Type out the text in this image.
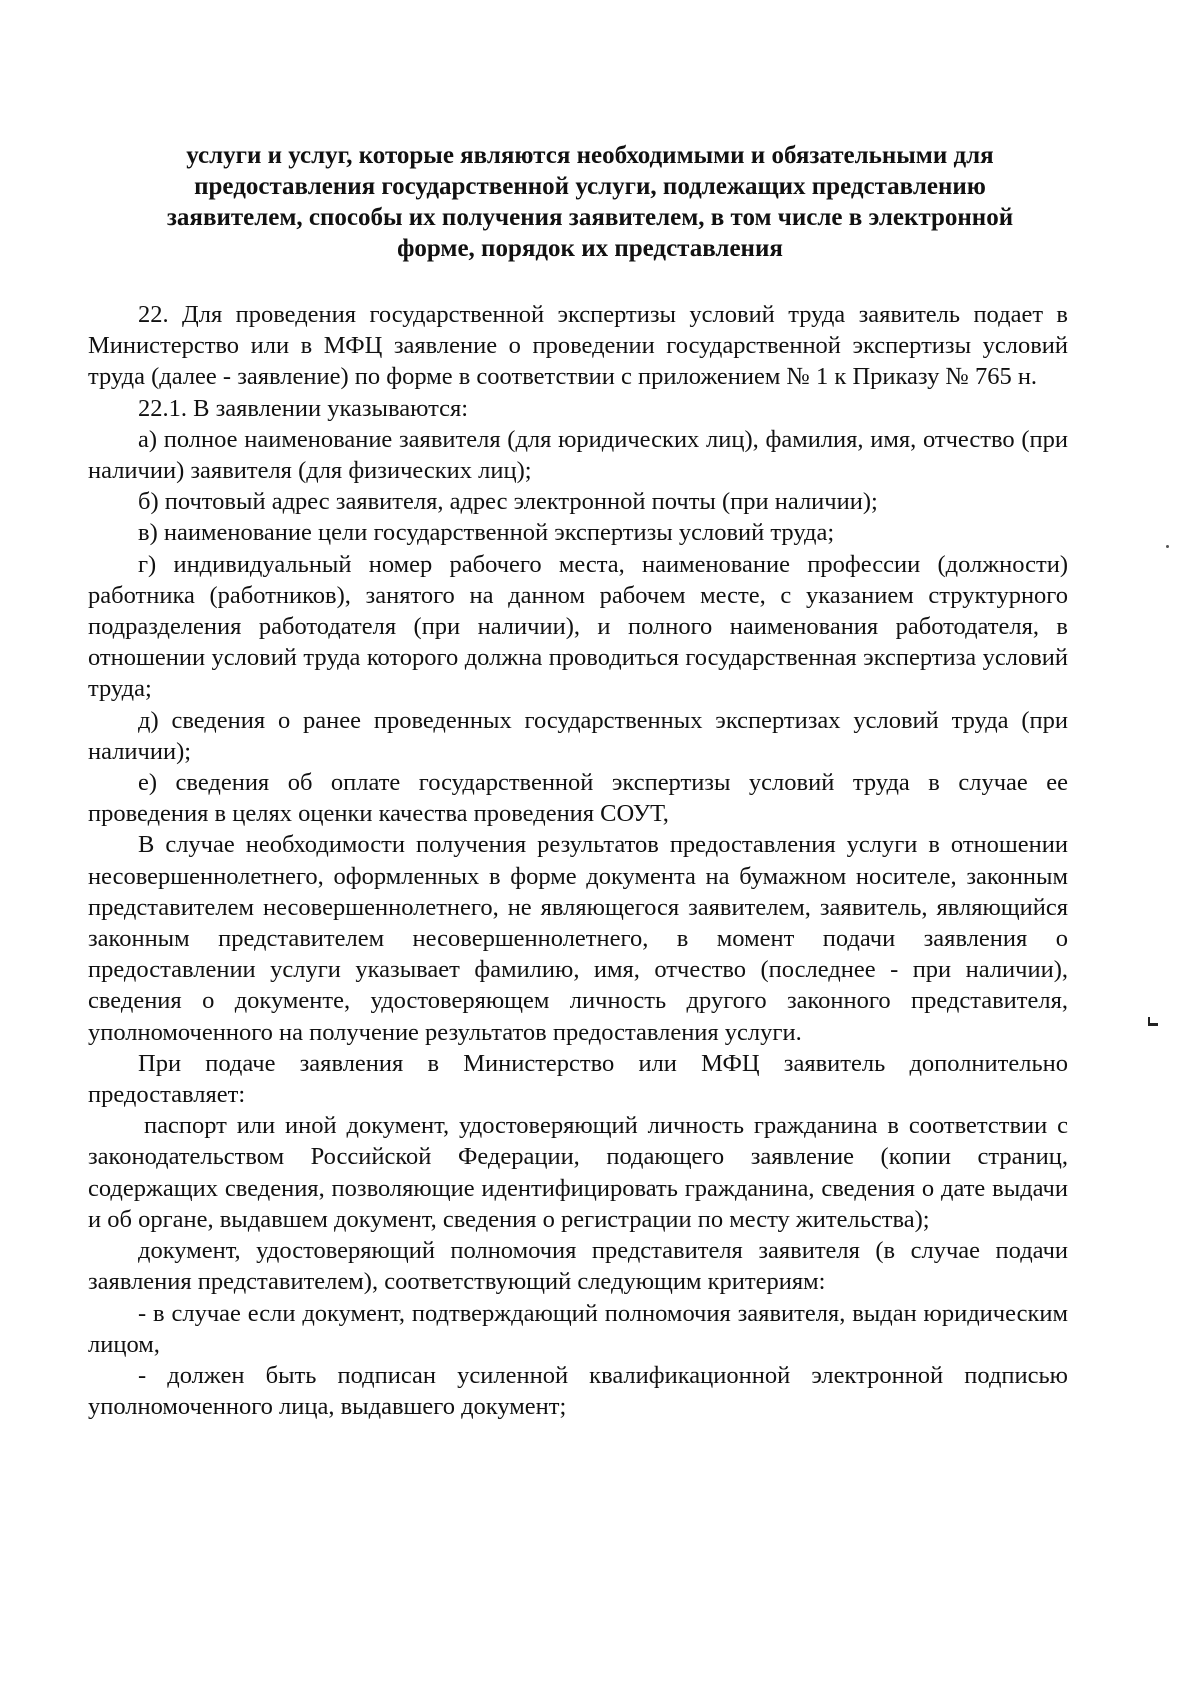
услуги и услуг, которые являются необходимыми и обязательными для
предоставления государственной услуги, подлежащих представлению
заявителем, способы их получения заявителем, в том числе в электронной
форме, порядок их представления

22. Для проведения государственной экспертизы условий труда заявитель подает в Министерство или в МФЦ заявление о проведении государственной экспертизы условий труда (далее - заявление) по форме в соответствии с приложением № 1 к Приказу № 765 н.

22.1. В заявлении указываются:

а) полное наименование заявителя (для юридических лиц), фамилия, имя, отчество (при наличии) заявителя (для физических лиц);

б) почтовый адрес заявителя, адрес электронной почты (при наличии);

в) наименование цели государственной экспертизы условий труда;

г) индивидуальный номер рабочего места, наименование профессии (должности) работника (работников), занятого на данном рабочем месте, с указанием структурного подразделения работодателя (при наличии), и полного наименования работодателя, в отношении условий труда которого должна проводиться государственная экспертиза условий труда;

д) сведения о ранее проведенных государственных экспертизах условий труда (при наличии);

е) сведения об оплате государственной экспертизы условий труда в случае ее проведения в целях оценки качества проведения СОУТ,

В случае необходимости получения результатов предоставления услуги в отношении несовершеннолетнего, оформленных в форме документа на бумажном носителе, законным представителем несовершеннолетнего, не являющегося заявителем, заявитель, являющийся законным представителем несовершеннолетнего, в момент подачи заявления о предоставлении услуги указывает фамилию, имя, отчество (последнее - при наличии), сведения о документе, удостоверяющем личность другого законного представителя, уполномоченного на получение результатов предоставления услуги.

При подаче заявления в Министерство или МФЦ заявитель дополнительно предоставляет:

паспорт или иной документ, удостоверяющий личность гражданина в соответствии с законодательством Российской Федерации, подающего заявление (копии страниц, содержащих сведения, позволяющие идентифицировать гражданина, сведения о дате выдачи и об органе, выдавшем документ, сведения о регистрации по месту жительства);

документ, удостоверяющий полномочия представителя заявителя (в случае подачи заявления представителем), соответствующий следующим критериям:

- в случае если документ, подтверждающий полномочия заявителя, выдан юридическим лицом,

- должен быть подписан усиленной квалификационной электронной подписью уполномоченного лица, выдавшего документ;
